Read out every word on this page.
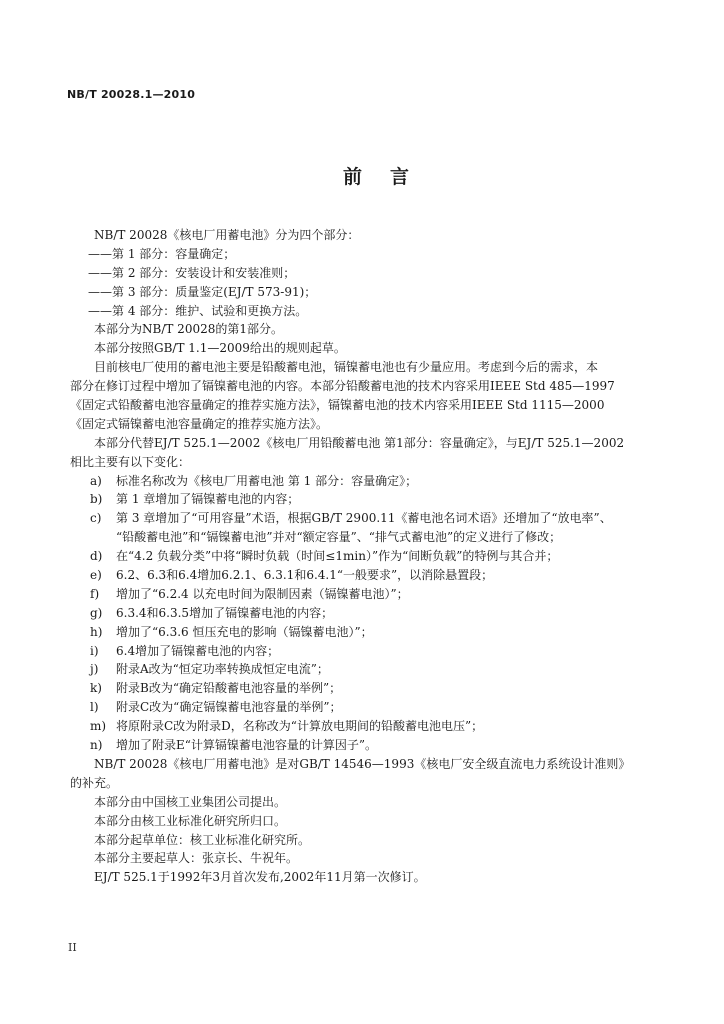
NB/T 20028.1—2010
前言
NB/T 20028《核电厂用蓄电池》分为四个部分：
——第 1 部分：容量确定；
——第 2 部分：安装设计和安装准则；
——第 3 部分：质量鉴定(EJ/T 573-91)；
——第 4 部分：维护、试验和更换方法。
本部分为NB/T 20028的第1部分。
本部分按照GB/T 1.1—2009给出的规则起草。
目前核电厂使用的蓄电池主要是铅酸蓄电池，镉镍蓄电池也有少量应用。考虑到今后的需求，本
部分在修订过程中增加了镉镍蓄电池的内容。本部分铅酸蓄电池的技术内容采用IEEE Std 485—1997
《固定式铅酸蓄电池容量确定的推荐实施方法》，镉镍蓄电池的技术内容采用IEEE Std 1115—2000
《固定式镉镍蓄电池容量确定的推荐实施方法》。
本部分代替EJ/T 525.1—2002《核电厂用铅酸蓄电池 第1部分：容量确定》，与EJ/T 525.1—2002
相比主要有以下变化：
a)	标准名称改为《核电厂用蓄电池 第 1 部分：容量确定》；
b)	第 1 章增加了镉镍蓄电池的内容；
c)	第 3 章增加了“可用容量”术语，根据GB/T 2900.11《蓄电池名词术语》还增加了“放电率”、
“铅酸蓄电池”和“镉镍蓄电池”并对“额定容量”、“排气式蓄电池”的定义进行了修改；
d)	在“4.2 负载分类”中将“瞬时负载（时间≤1min）”作为“间断负载”的特例与其合并；
e)	6.2、6.3和6.4增加6.2.1、6.3.1和6.4.1“一般要求”，以消除悬置段；
f)	增加了“6.2.4 以充电时间为限制因素（镉镍蓄电池）”；
g)	6.3.4和6.3.5增加了镉镍蓄电池的内容；
h)	增加了“6.3.6 恒压充电的影响（镉镍蓄电池）”；
i)	6.4增加了镉镍蓄电池的内容；
j)	附录A改为“恒定功率转换成恒定电流”；
k)	附录B改为“确定铅酸蓄电池容量的举例”；
l)	附录C改为“确定镉镍蓄电池容量的举例”；
m) 将原附录C改为附录D，名称改为“计算放电期间的铅酸蓄电池电压”；
n)	增加了附录E“计算镉镍蓄电池容量的计算因子”。
NB/T 20028《核电厂用蓄电池》是对GB/T 14546—1993《核电厂安全级直流电力系统设计准则》
的补充。
本部分由中国核工业集团公司提出。
本部分由核工业标准化研究所归口。
本部分起草单位：核工业标准化研究所。
本部分主要起草人：张京长、牛祝年。
EJ/T 525.1于1992年3月首次发布,2002年11月第一次修订。
II
